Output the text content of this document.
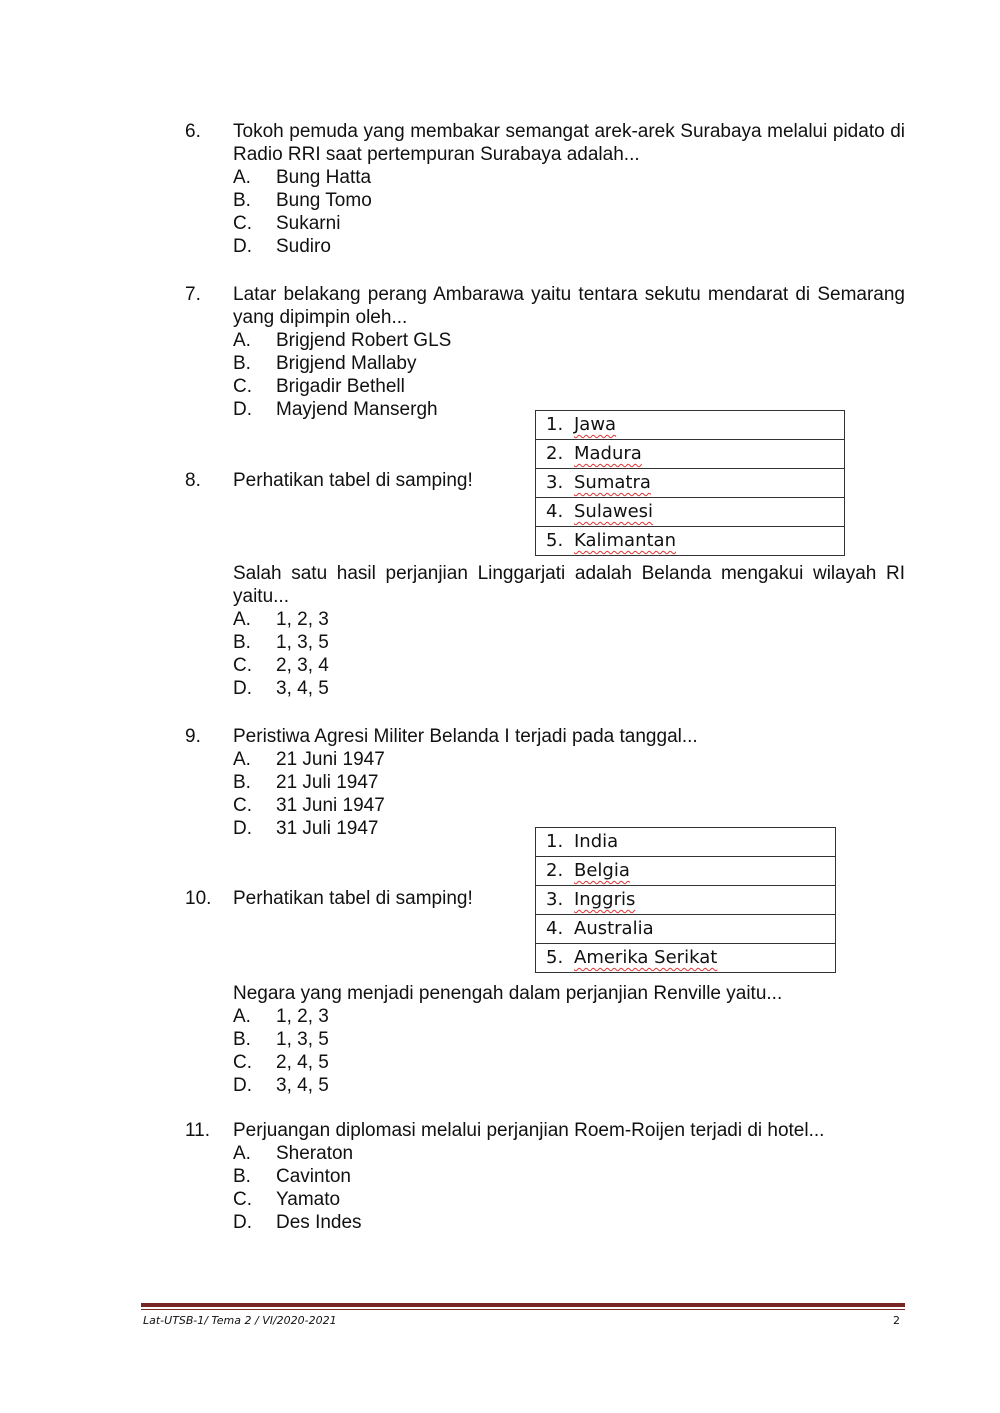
6. Tokoh pemuda yang membakar semangat arek-arek Surabaya melalui pidato di Radio RRI saat pertempuran Surabaya adalah...
A.	Bung Hatta
B.	Bung Tomo
C.	Sukarni
D.	Sudiro
7. Latar belakang perang Ambarawa yaitu tentara sekutu mendarat di Semarang yang dipimpin oleh...
A.	Brigjend Robert GLS
B.	Brigjend Mallaby
C.	Brigadir Bethell
D.	Mayjend Mansergh
8. Perhatikan tabel di samping!
1. Jawa
2. Madura
3. Sumatra
4. Sulawesi
5. Kalimantan
Salah satu hasil perjanjian Linggarjati adalah Belanda mengakui wilayah RI yaitu...
A.	1, 2, 3
B.	1, 3, 5
C.	2, 3, 4
D.	3, 4, 5
9. Peristiwa Agresi Militer Belanda I terjadi pada tanggal...
A.	21 Juni 1947
B.	21 Juli 1947
C.	31 Juni 1947
D.	31 Juli 1947
10. Perhatikan tabel di samping!
1. India
2. Belgia
3. Inggris
4. Australia
5. Amerika Serikat
Negara yang menjadi penengah dalam perjanjian Renville yaitu...
A.	1, 2, 3
B.	1, 3, 5
C.	2, 4, 5
D.	3, 4, 5
11. Perjuangan diplomasi melalui perjanjian Roem-Roijen terjadi di hotel...
A.	Sheraton
B.	Cavinton
C.	Yamato
D.	Des Indes
Lat-UTSB-1/ Tema 2 / VI/2020-2021	2
